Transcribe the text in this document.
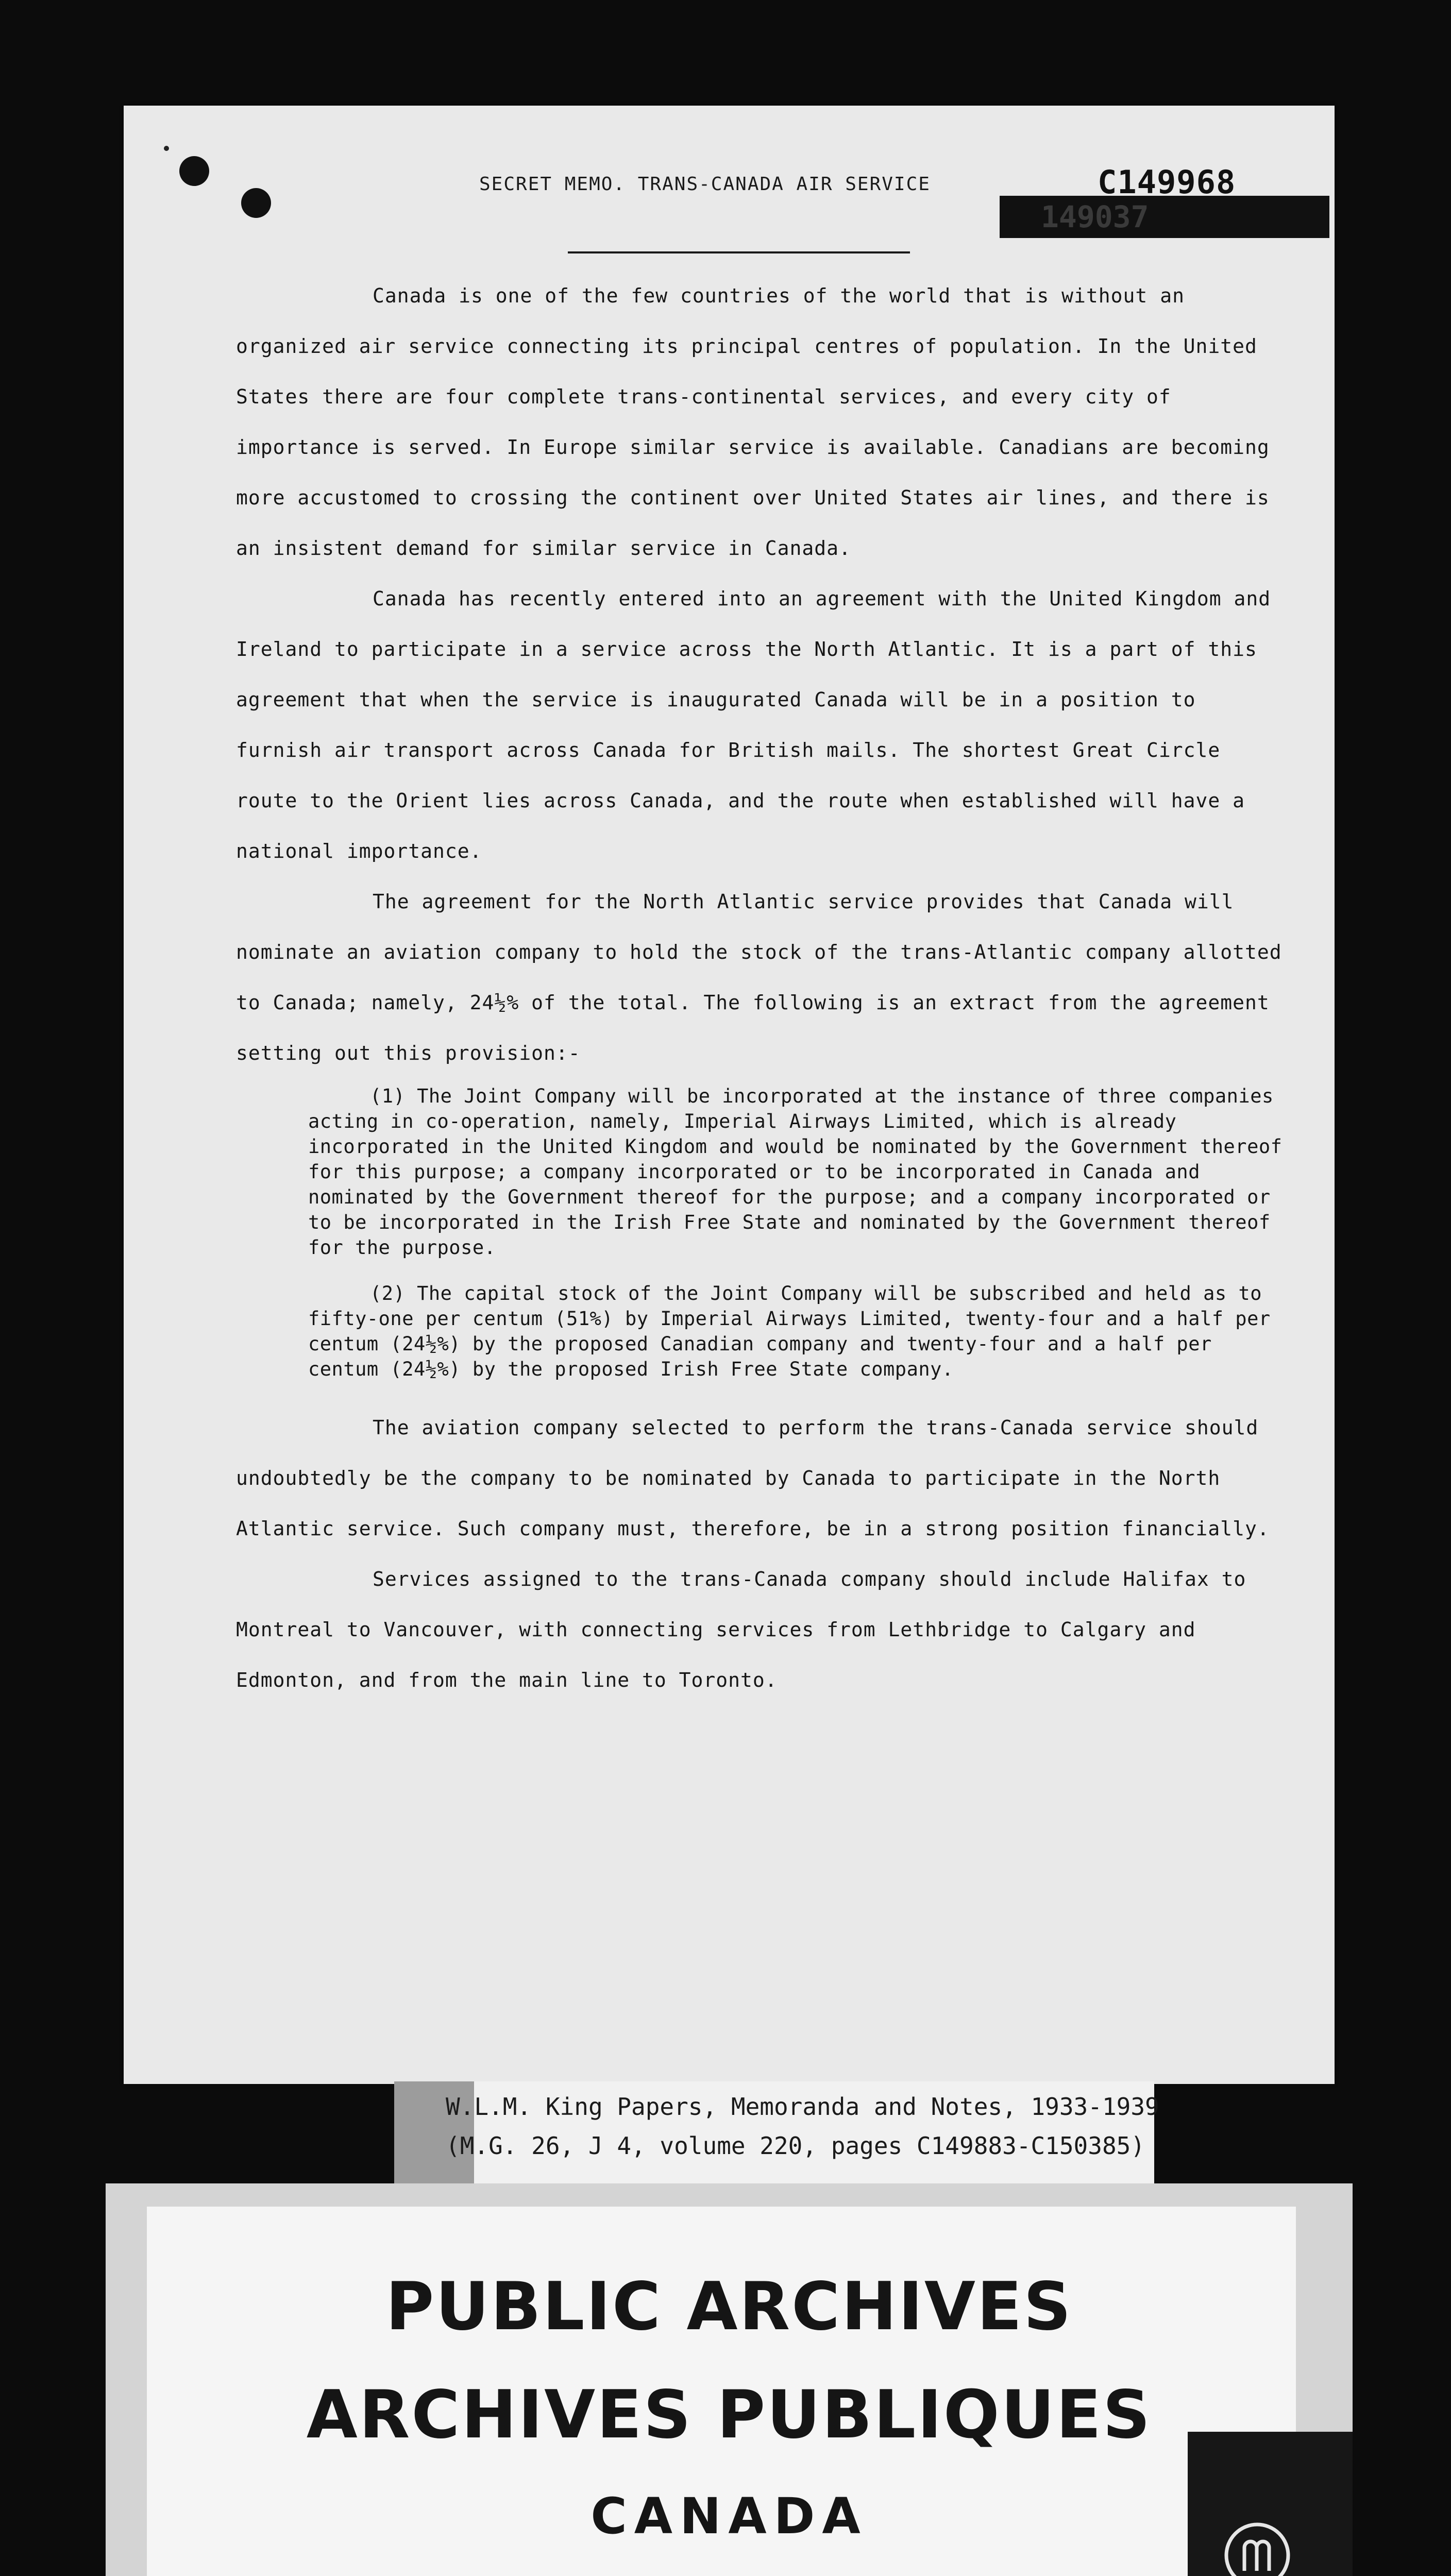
SECRET MEMO. TRANS-CANADA AIR SERVICE
149037
C149968

Canada is one of the few countries of the world that is without an organized air service connecting its principal centres of population. In the United States there are four complete trans-continental services, and every city of importance is served. In Europe similar service is available. Canadians are becoming more accustomed to crossing the continent over United States air lines, and there is an insistent demand for similar service in Canada.

Canada has recently entered into an agreement with the United Kingdom and Ireland to participate in a service across the North Atlantic. It is a part of this agreement that when the service is inaugurated Canada will be in a position to furnish air transport across Canada for British mails. The shortest Great Circle route to the Orient lies across Canada, and the route when established will have a national importance.

The agreement for the North Atlantic service provides that Canada will nominate an aviation company to hold the stock of the trans-Atlantic company allotted to Canada; namely, 24½% of the total. The following is an extract from the agreement setting out this provision:-

(1) The Joint Company will be incorporated at the instance of three companies acting in co-operation, namely, Imperial Airways Limited, which is already incorporated in the United Kingdom and would be nominated by the Government thereof for this purpose; a company incorporated or to be incorporated in Canada and nominated by the Government thereof for the purpose; and a company incorporated or to be incorporated in the Irish Free State and nominated by the Government thereof for the purpose.
(2) The capital stock of the Joint Company will be subscribed and held as to fifty-one per centum (51%) by Imperial Airways Limited, twenty-four and a half per centum (24½%) by the proposed Canadian company and twenty-four and a half per centum (24½%) by the proposed Irish Free State company.

The aviation company selected to perform the trans-Canada service should undoubtedly be the company to be nominated by Canada to participate in the North Atlantic service. Such company must, therefore, be in a strong position financially.

Services assigned to the trans-Canada company should include Halifax to Montreal to Vancouver, with connecting services from Lethbridge to Calgary and Edmonton, and from the main line to Toronto.

W.L.M. King Papers, Memoranda and Notes, 1933-1939
(M.G. 26, J 4, volume 220, pages C149883-C150385)
PUBLIC ARCHIVES
ARCHIVES PUBLIQUES
CANADA
